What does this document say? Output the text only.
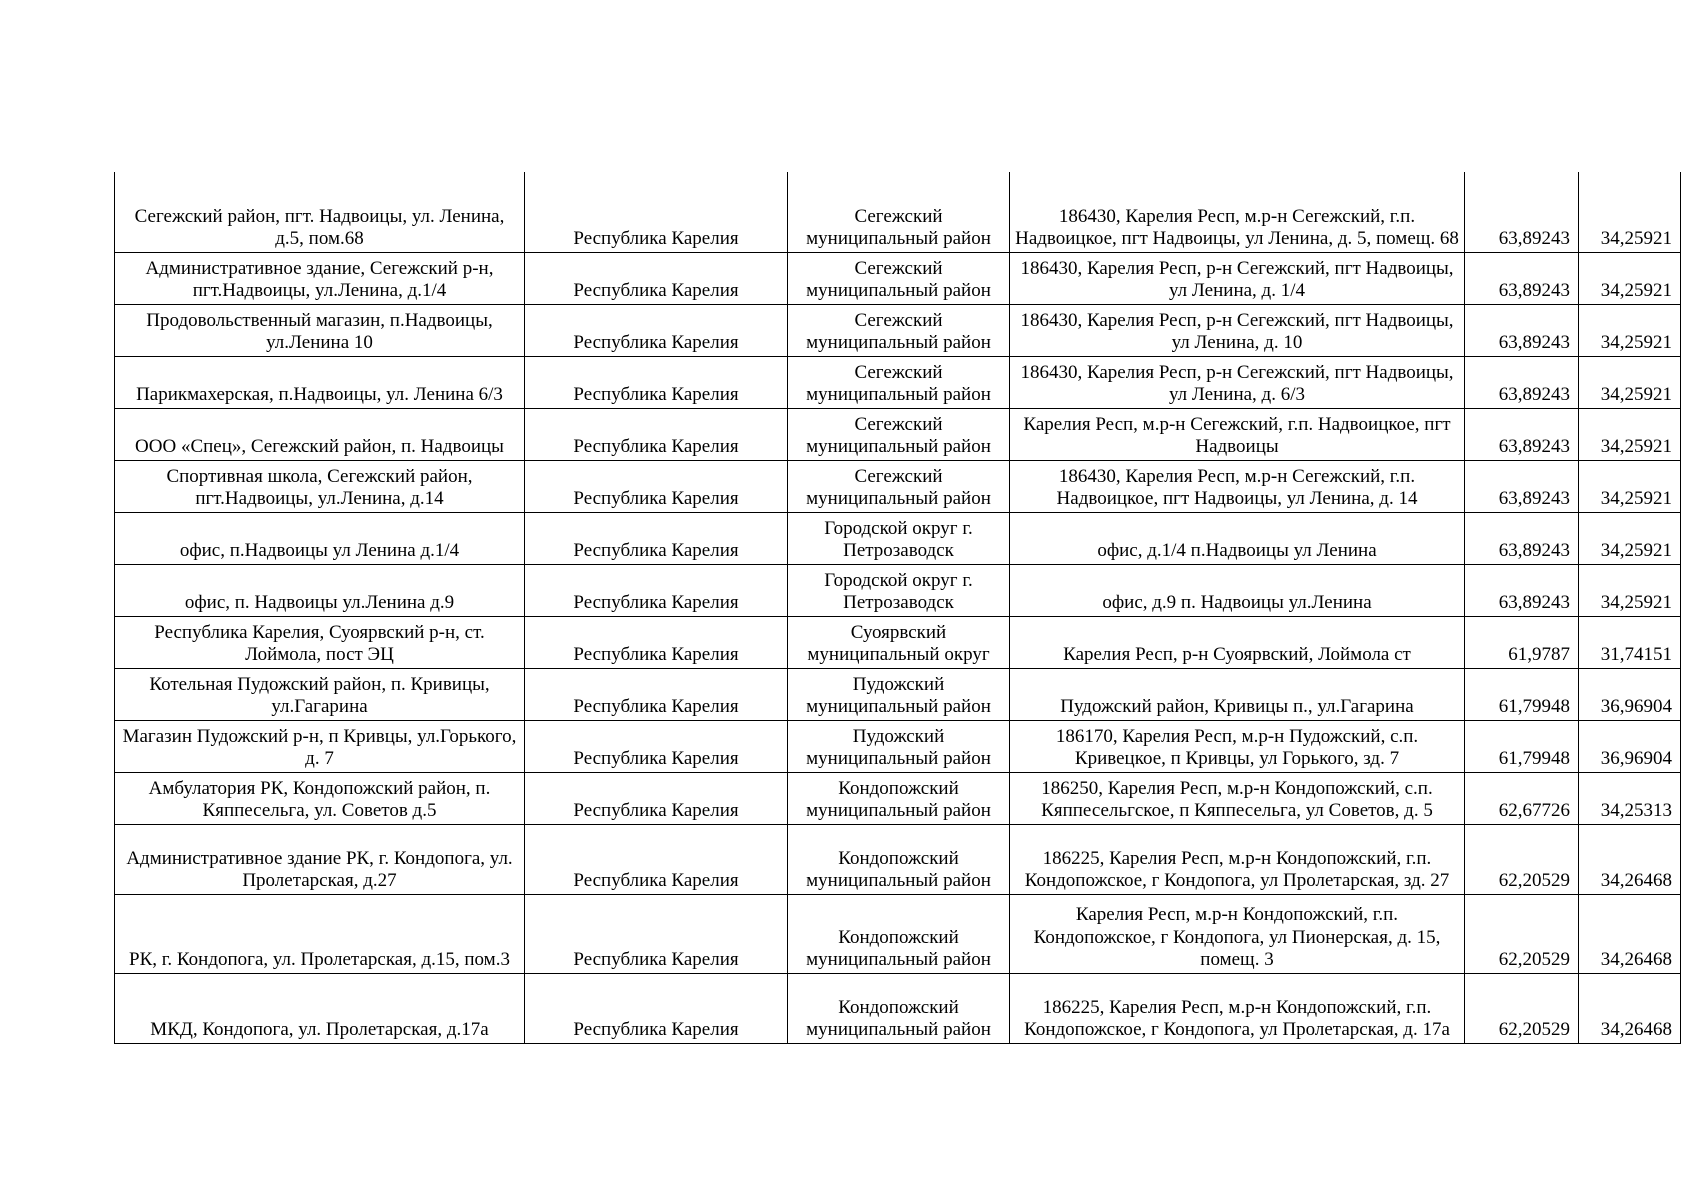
Сегежский район, пгт. Надвоицы, ул. Ленина, д.5, пом.68	Республика Карелия	Сегежский муниципальный район	186430, Карелия Респ, м.р-н Сегежский, г.п. Надвоицкое, пгт Надвоицы, ул Ленина, д. 5, помещ. 68	63,89243	34,25921
Административное здание, Сегежский р-н, пгт.Надвоицы, ул.Ленина, д.1/4	Республика Карелия	Сегежский муниципальный район	186430, Карелия Респ, р-н Сегежский, пгт Надвоицы, ул Ленина, д. 1/4	63,89243	34,25921
Продовольственный магазин, п.Надвоицы, ул.Ленина 10	Республика Карелия	Сегежский муниципальный район	186430, Карелия Респ, р-н Сегежский, пгт Надвоицы, ул Ленина, д. 10	63,89243	34,25921
Парикмахерская, п.Надвоицы, ул. Ленина 6/3	Республика Карелия	Сегежский муниципальный район	186430, Карелия Респ, р-н Сегежский, пгт Надвоицы, ул Ленина, д. 6/3	63,89243	34,25921
ООО «Спец», Сегежский район, п. Надвоицы	Республика Карелия	Сегежский муниципальный район	Карелия Респ, м.р-н Сегежский, г.п. Надвоицкое, пгт Надвоицы	63,89243	34,25921
Спортивная школа, Сегежский район, пгт.Надвоицы, ул.Ленина, д.14	Республика Карелия	Сегежский муниципальный район	186430, Карелия Респ, м.р-н Сегежский, г.п. Надвоицкое, пгт Надвоицы, ул Ленина, д. 14	63,89243	34,25921
офис, п.Надвоицы ул Ленина д.1/4	Республика Карелия	Городской округ г. Петрозаводск	офис, д.1/4 п.Надвоицы ул Ленина	63,89243	34,25921
офис, п. Надвоицы ул.Ленина д.9	Республика Карелия	Городской округ г. Петрозаводск	офис, д.9 п. Надвоицы ул.Ленина	63,89243	34,25921
Республика Карелия, Суоярвский р-н, ст. Лоймола, пост ЭЦ	Республика Карелия	Суоярвский муниципальный округ	Карелия Респ, р-н Суоярвский, Лоймола ст	61,9787	31,74151
Котельная Пудожский район, п. Кривицы, ул.Гагарина	Республика Карелия	Пудожский муниципальный район	Пудожский район, Кривицы п., ул.Гагарина	61,79948	36,96904
Магазин Пудожский р-н, п Кривцы, ул.Горького, д. 7	Республика Карелия	Пудожский муниципальный район	186170, Карелия Респ, м.р-н Пудожский, с.п. Кривецкое, п Кривцы, ул Горького, зд. 7	61,79948	36,96904
Амбулатория РК, Кондопожский район, п. Кяппесельга, ул. Советов д.5	Республика Карелия	Кондопожский муниципальный район	186250, Карелия Респ, м.р-н Кондопожский, с.п. Кяппесельгское, п Кяппесельга, ул Советов, д. 5	62,67726	34,25313
Административное здание РК, г. Кондопога, ул. Пролетарская, д.27	Республика Карелия	Кондопожский муниципальный район	186225, Карелия Респ, м.р-н Кондопожский, г.п. Кондопожское, г Кондопога, ул Пролетарская, зд. 27	62,20529	34,26468
РК, г. Кондопога, ул. Пролетарская, д.15, пом.3	Республика Карелия	Кондопожский муниципальный район	Карелия Респ, м.р-н Кондопожский, г.п. Кондопожское, г Кондопога, ул Пионерская, д. 15, помещ. 3	62,20529	34,26468
МКД, Кондопога, ул. Пролетарская, д.17а	Республика Карелия	Кондопожский муниципальный район	186225, Карелия Респ, м.р-н Кондопожский, г.п. Кондопожское, г Кондопога, ул Пролетарская, д. 17а	62,20529	34,26468
